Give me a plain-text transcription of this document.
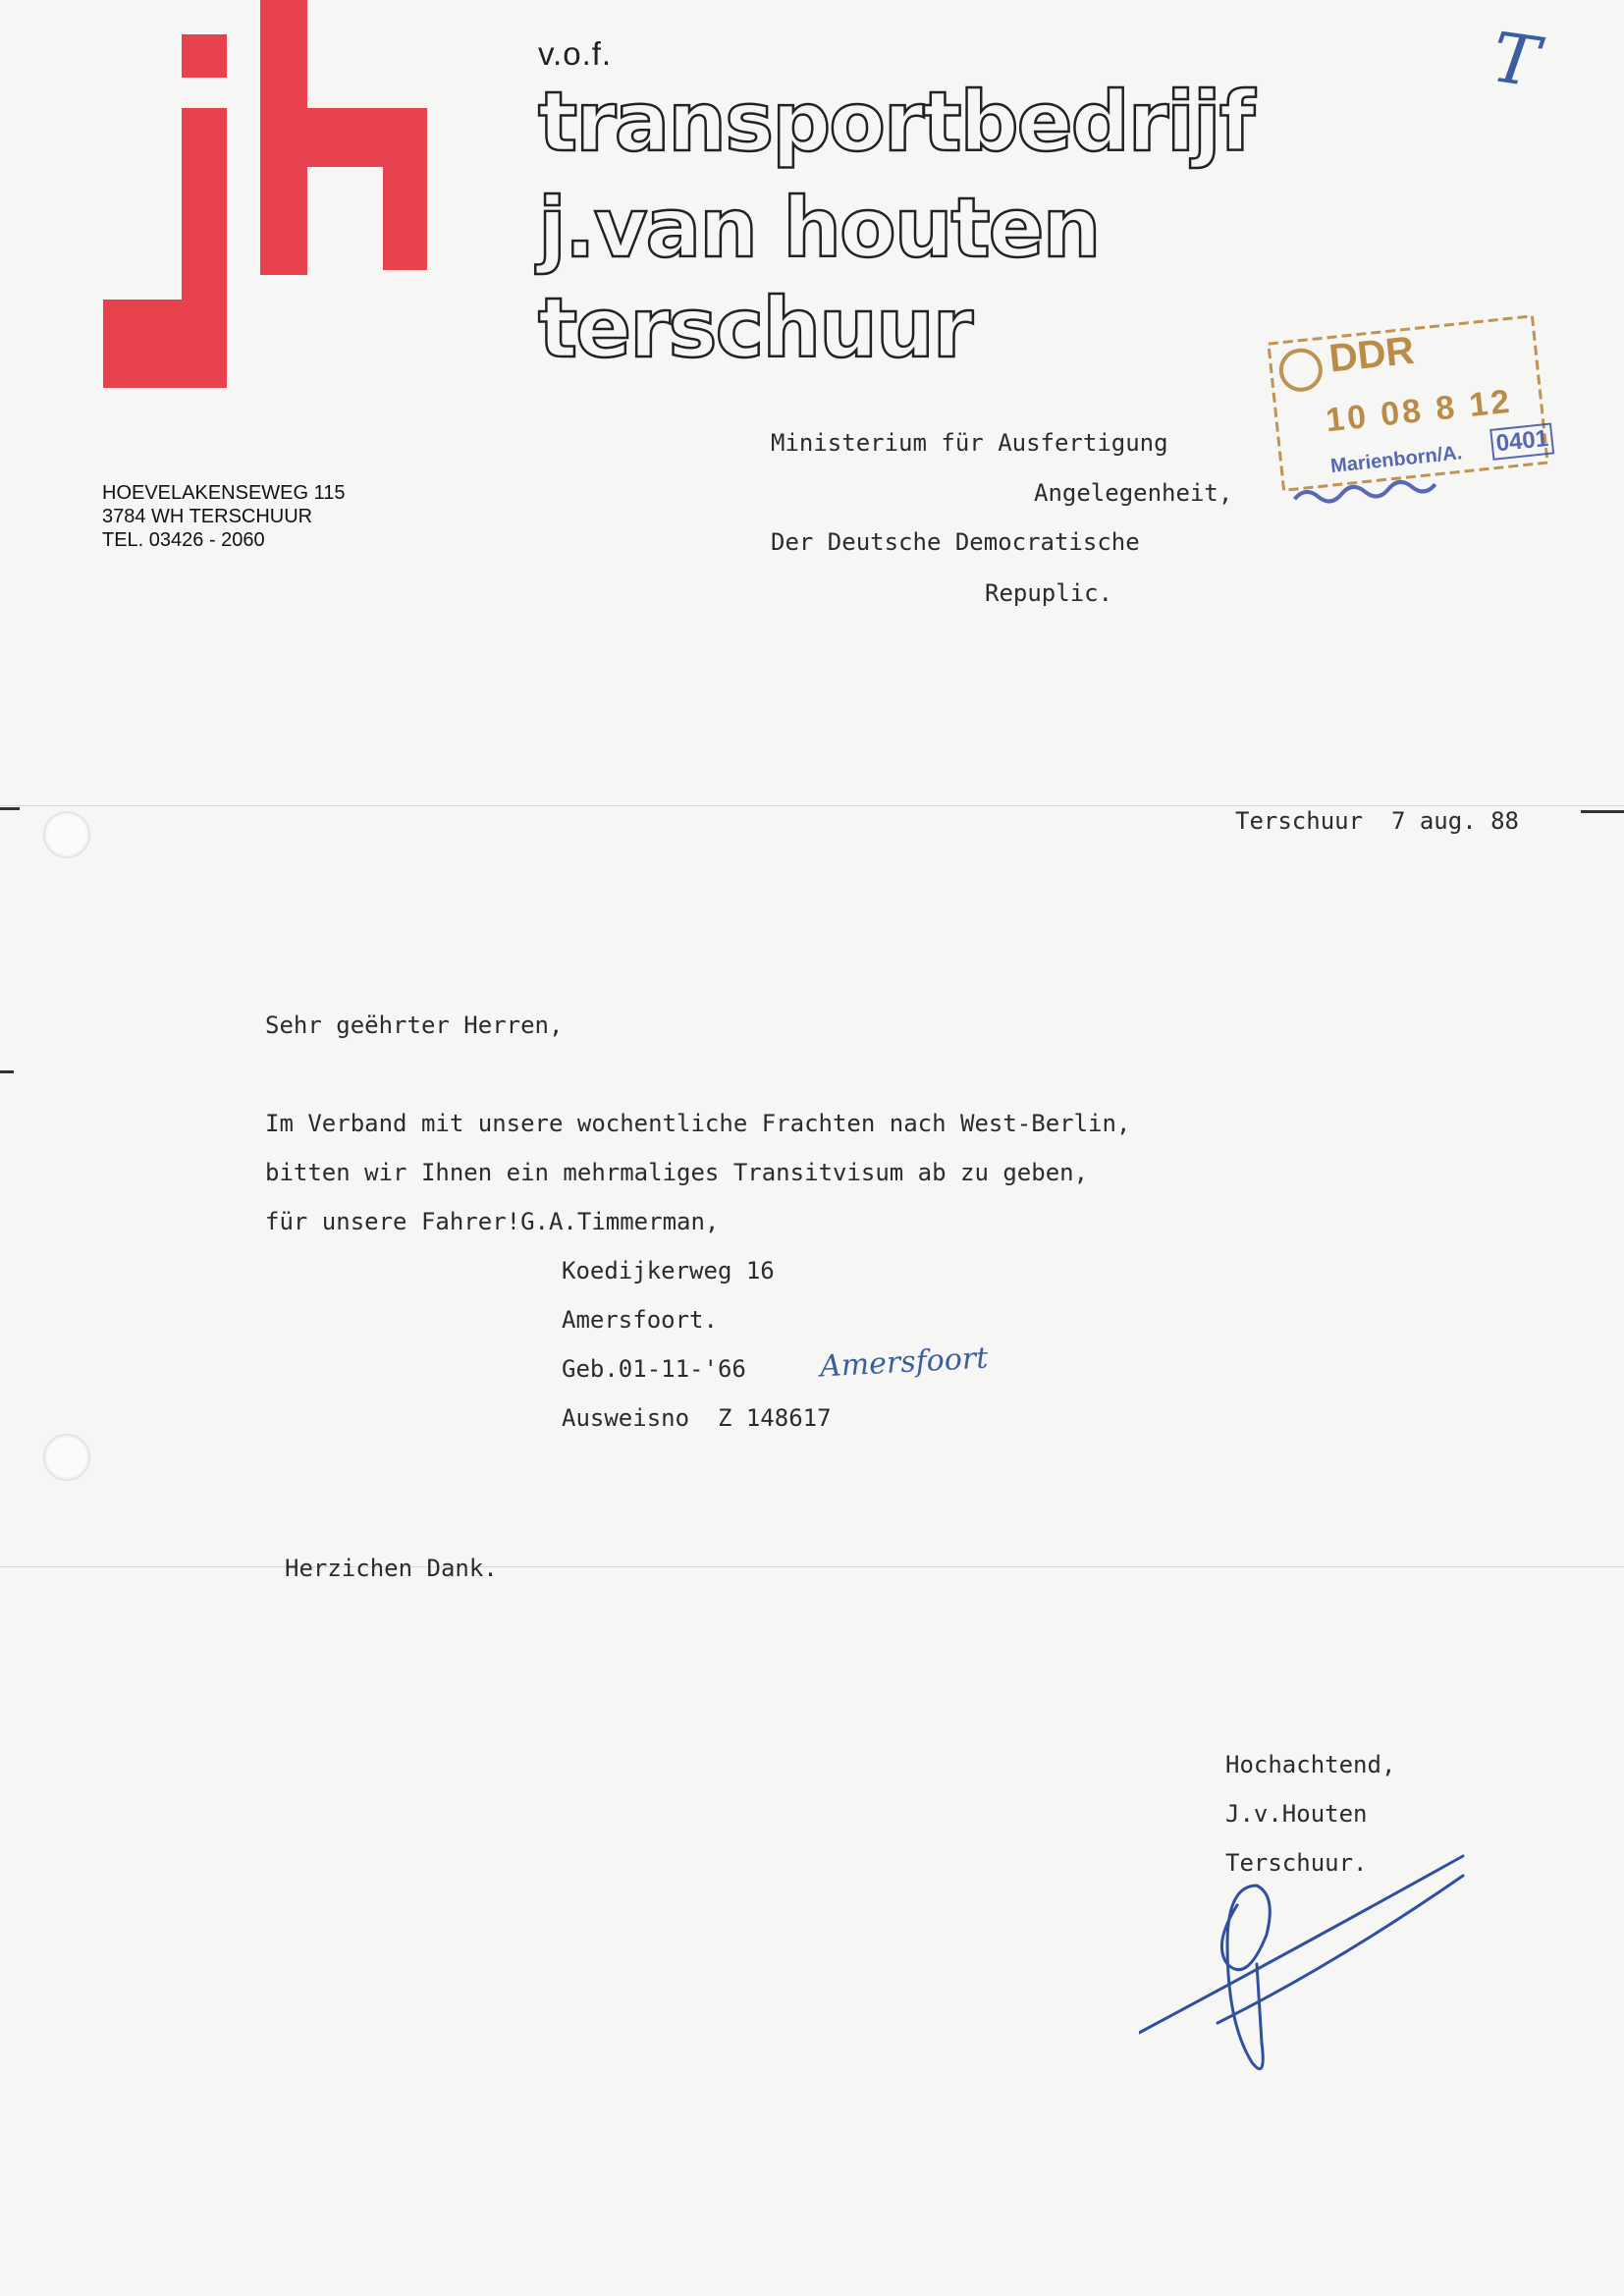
v.o.f.
transportbedrijf
j.van houten
terschuur
HOEVELAKENSEWEG 115
3784 WH TERSCHUUR
TEL. 03426 - 2060
T
DDR
10 08 8 12
Marienborn/A.
0401
Ministerium für Ausfertigung
Angelegenheit,
Der Deutsche Democratische
Repuplic.
Terschuur  7 aug. 88
Sehr geëhrter Herren,
Im Verband mit unsere wochentliche Frachten nach West-Berlin,
bitten wir Ihnen ein mehrmaliges Transitvisum ab zu geben,
für unsere Fahrer!G.A.Timmerman,
Koedijkerweg 16
Amersfoort.
Geb.01-11-'66 Amersfoort
Ausweisno  Z 148617
Herzichen Dank.
Hochachtend,
J.v.Houten
Terschuur.
